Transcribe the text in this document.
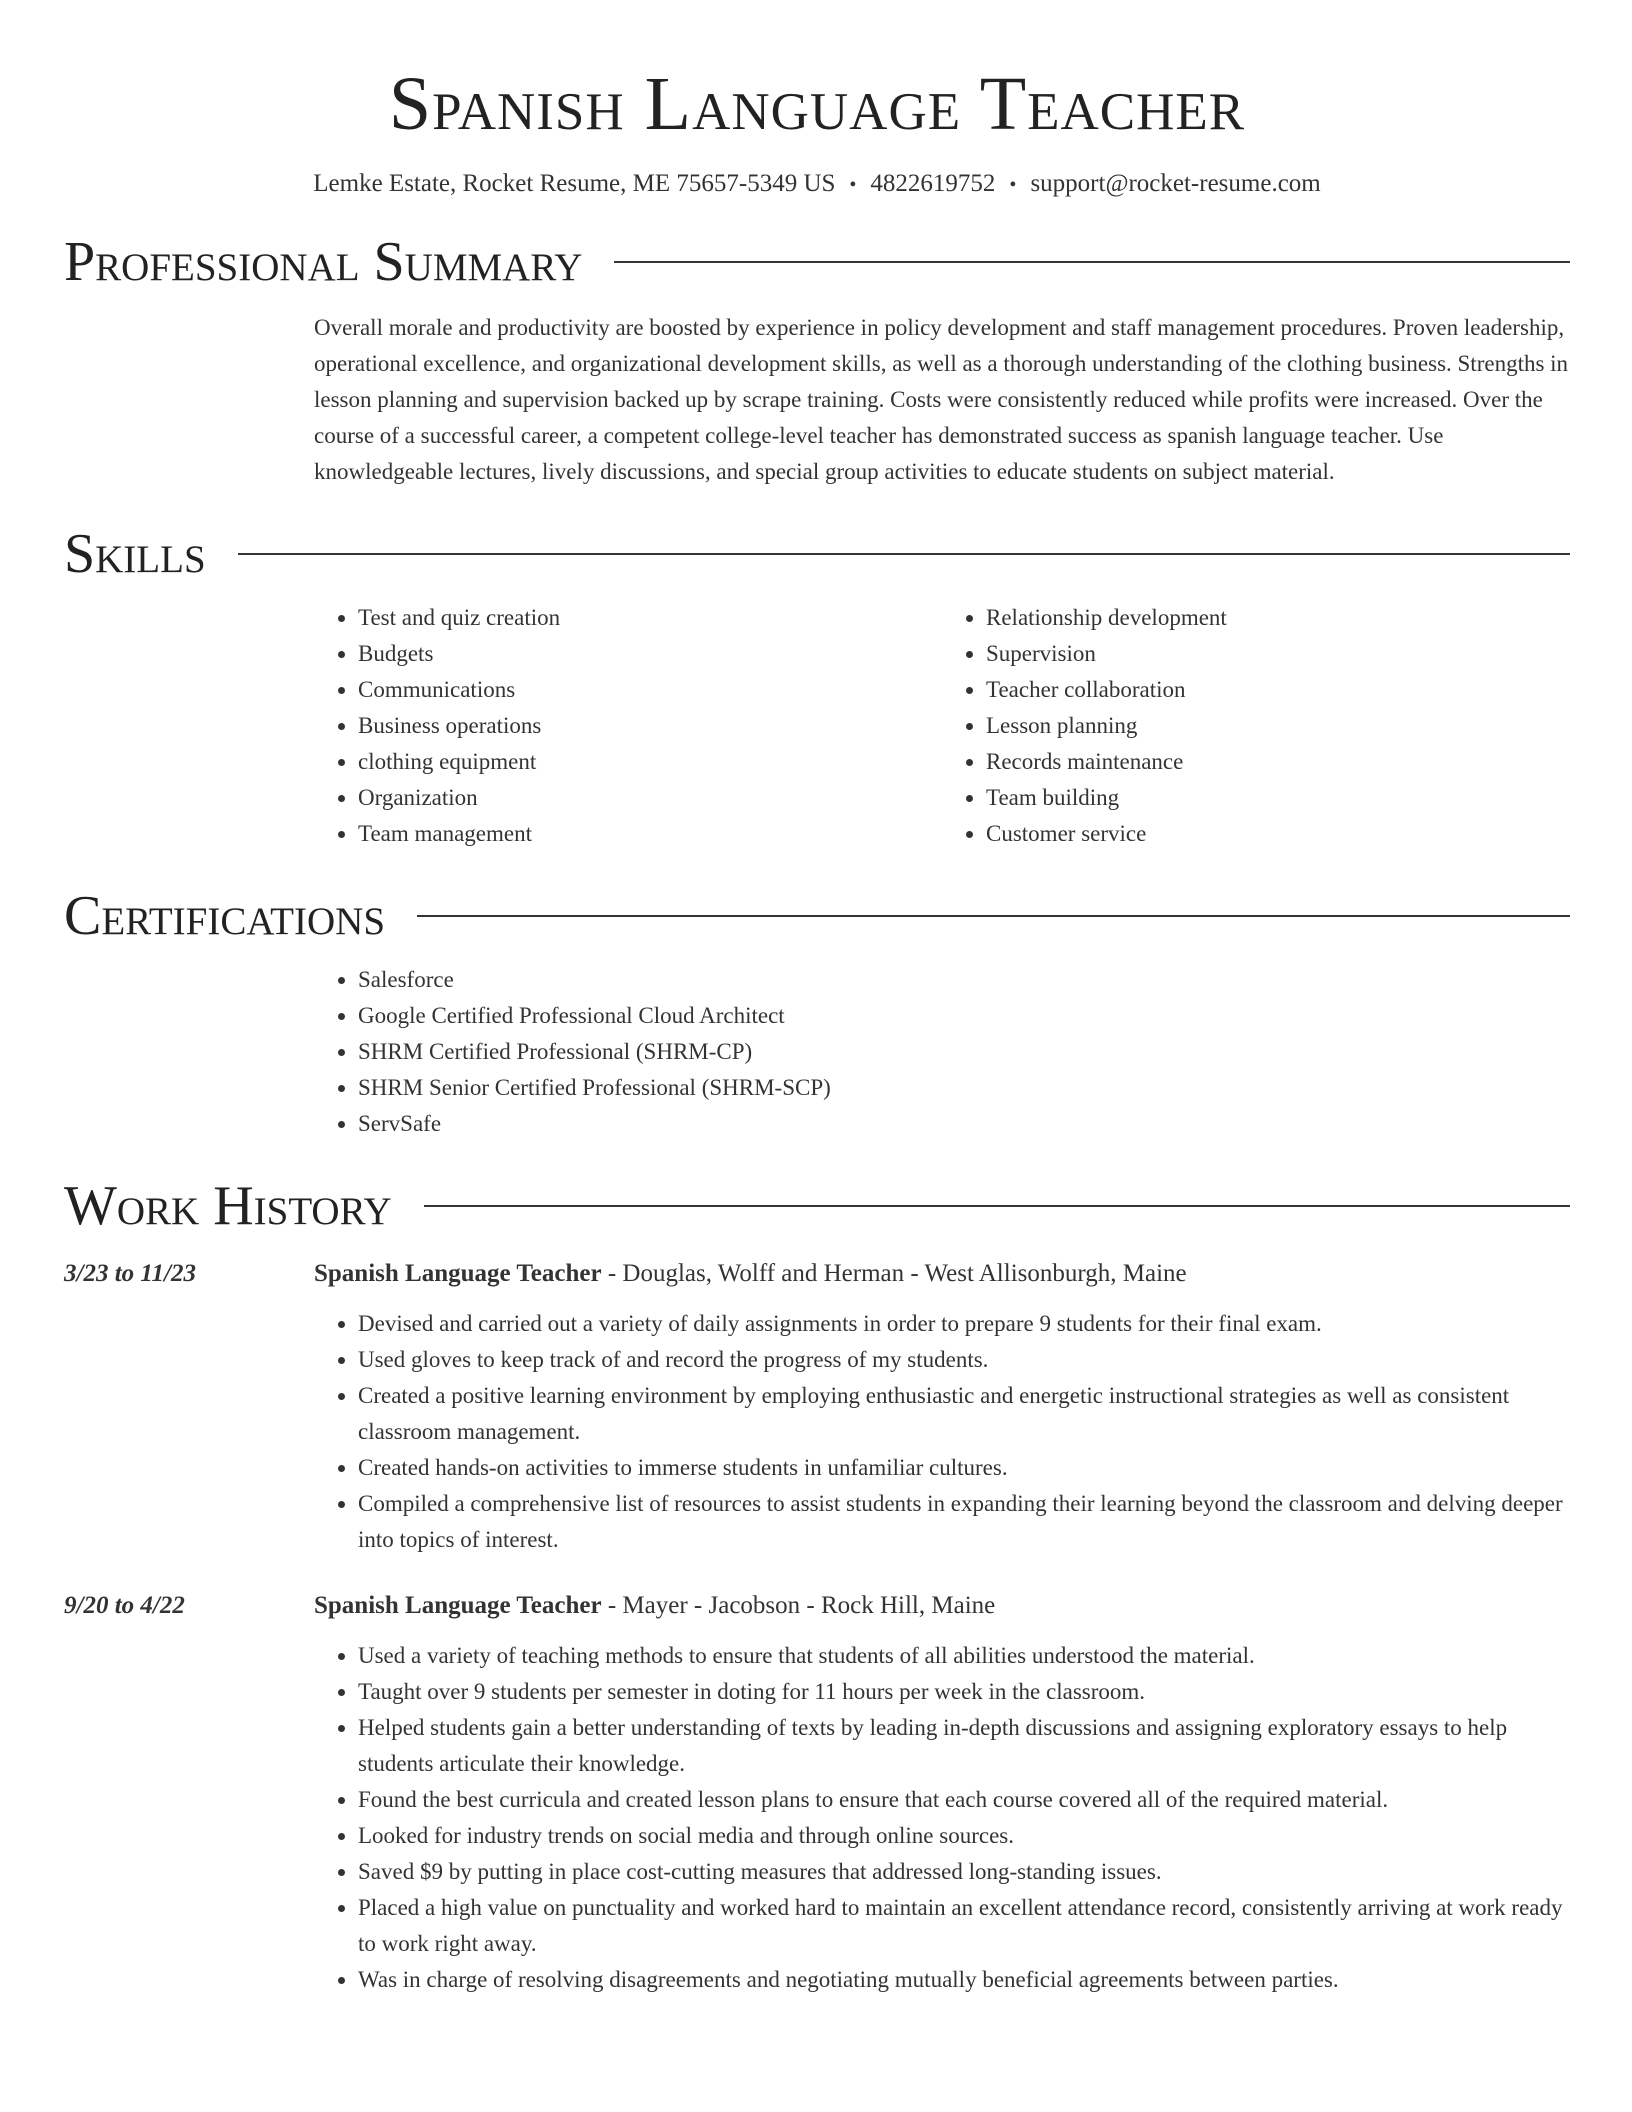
Spanish Language Teacher
Lemke Estate, Rocket Resume, ME 75657-5349 US • 4822619752 • support@rocket-resume.com
Professional Summary
Overall morale and productivity are boosted by experience in policy development and staff management procedures. Proven leadership, operational excellence, and organizational development skills, as well as a thorough understanding of the clothing business. Strengths in lesson planning and supervision backed up by scrape training. Costs were consistently reduced while profits were increased. Over the course of a successful career, a competent college-level teacher has demonstrated success as spanish language teacher. Use knowledgeable lectures, lively discussions, and special group activities to educate students on subject material.
Skills
• Test and quiz creation
• Budgets
• Communications
• Business operations
• clothing equipment
• Organization
• Team management
• Relationship development
• Supervision
• Teacher collaboration
• Lesson planning
• Records maintenance
• Team building
• Customer service
Certifications
• Salesforce
• Google Certified Professional Cloud Architect
• SHRM Certified Professional (SHRM-CP)
• SHRM Senior Certified Professional (SHRM-SCP)
• ServSafe
Work History
3/23 to 11/23	Spanish Language Teacher - Douglas, Wolff and Herman - West Allisonburgh, Maine
• Devised and carried out a variety of daily assignments in order to prepare 9 students for their final exam.
• Used gloves to keep track of and record the progress of my students.
• Created a positive learning environment by employing enthusiastic and energetic instructional strategies as well as consistent classroom management.
• Created hands-on activities to immerse students in unfamiliar cultures.
• Compiled a comprehensive list of resources to assist students in expanding their learning beyond the classroom and delving deeper into topics of interest.
9/20 to 4/22	Spanish Language Teacher - Mayer - Jacobson - Rock Hill, Maine
• Used a variety of teaching methods to ensure that students of all abilities understood the material.
• Taught over 9 students per semester in doting for 11 hours per week in the classroom.
• Helped students gain a better understanding of texts by leading in-depth discussions and assigning exploratory essays to help students articulate their knowledge.
• Found the best curricula and created lesson plans to ensure that each course covered all of the required material.
• Looked for industry trends on social media and through online sources.
• Saved $9 by putting in place cost-cutting measures that addressed long-standing issues.
• Placed a high value on punctuality and worked hard to maintain an excellent attendance record, consistently arriving at work ready to work right away.
• Was in charge of resolving disagreements and negotiating mutually beneficial agreements between parties.
